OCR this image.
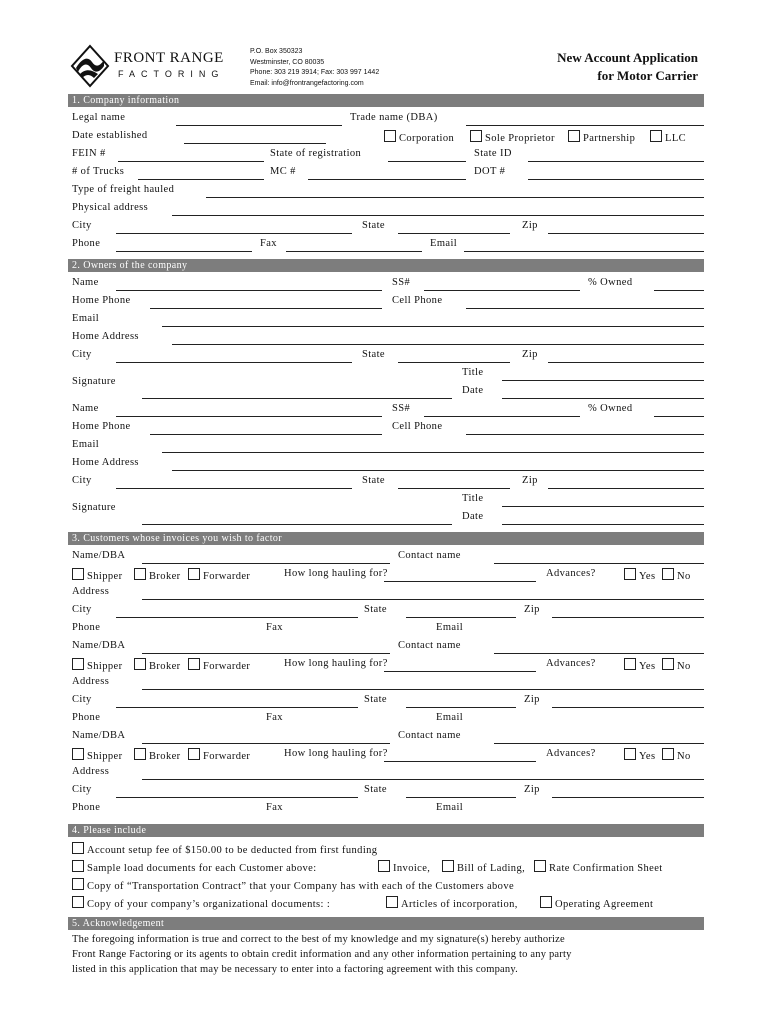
FRONT RANGE
FACTORING
P.O. Box 350323
Westminster, CO 80035
Phone: 303 219 3914; Fax: 303 997 1442
Email: info@frontrangefactoring.com
New Account Application
for Motor Carrier
1. Company information
Legal name	Trade name (DBA)
Date established	Corporation	Sole Proprietor	Partnership	LLC
FEIN #	State of registration	State ID
# of Trucks	MC #	DOT #
Type of freight hauled
Physical address
City	State	Zip
Phone	Fax	Email
2. Owners of the company
Name	SS#	% Owned
Home Phone	Cell Phone
Email
Home Address
City	State	Zip
Title
Signature
Date
Name	SS#	% Owned
Home Phone	Cell Phone
Email
Home Address
City	State	Zip
Title
Signature
Date
3. Customers whose invoices you wish to factor
Name/DBA	Contact name
Shipper	Broker	Forwarder	How long hauling for?	Advances?	Yes	No
Address
City	State	Zip
Phone	Fax	Email
Name/DBA	Contact name
Shipper	Broker	Forwarder	How long hauling for?	Advances?	Yes	No
Address
City	State	Zip
Phone	Fax	Email
Name/DBA	Contact name
Shipper	Broker	Forwarder	How long hauling for?	Advances?	Yes	No
Address
City	State	Zip
Phone	Fax	Email
4. Please include
Account setup fee of $150.00 to be deducted from first funding
Sample load documents for each Customer above:	Invoice,	Bill of Lading,	Rate Confirmation Sheet
Copy of “Transportation Contract” that your Company has with each of the Customers above
Copy of your company’s organizational documents: :	Articles of incorporation,	Operating Agreement
5. Acknowledgement
The foregoing information is true and correct to the best of my knowledge and my signature(s) hereby authorize
Front Range Factoring or its agents to obtain credit information and any other information pertaining to any party
listed in this application that may be necessary to enter into a factoring agreement with this company.
